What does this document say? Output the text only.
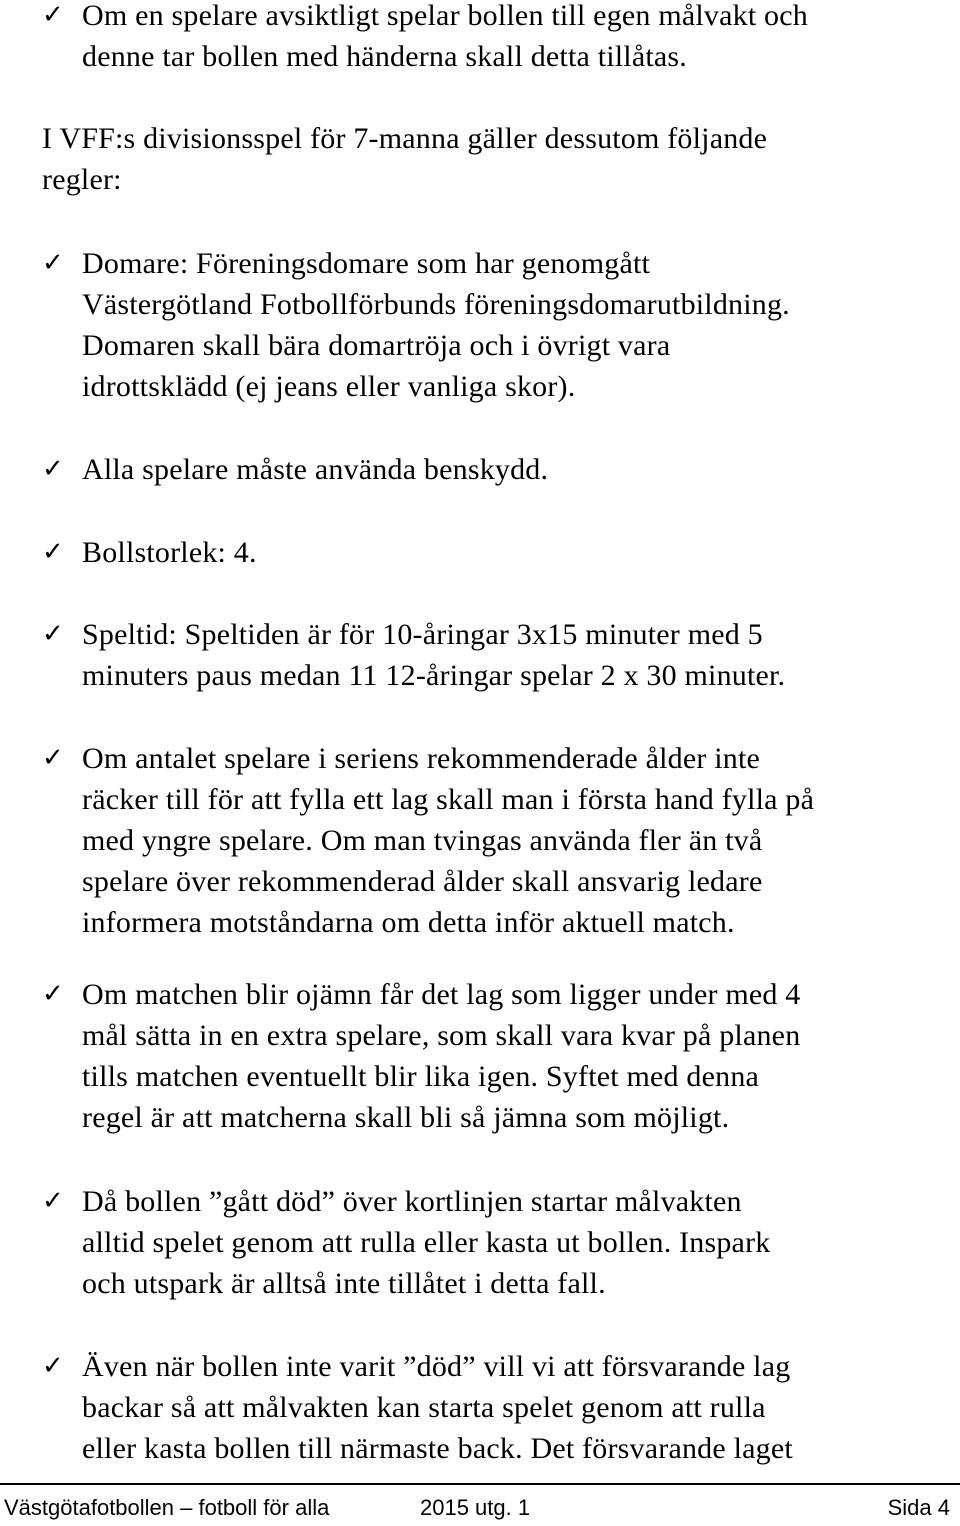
✓ Om en spelare avsiktligt spelar bollen till egen målvakt och
denne tar bollen med händerna skall detta tillåtas.
I VFF:s divisionsspel för 7-manna gäller dessutom följande
regler:
✓ Domare: Föreningsdomare som har genomgått
Västergötland Fotbollförbunds föreningsdomarutbildning.
Domaren skall bära domartröja och i övrigt vara
idrottsklädd (ej jeans eller vanliga skor).
✓ Alla spelare måste använda benskydd.
✓ Bollstorlek: 4.
✓ Speltid: Speltiden är för 10-åringar 3x15 minuter med 5
minuters paus medan 11 12-åringar spelar 2 x 30 minuter.
✓ Om antalet spelare i seriens rekommenderade ålder inte
räcker till för att fylla ett lag skall man i första hand fylla på
med yngre spelare. Om man tvingas använda fler än två
spelare över rekommenderad ålder skall ansvarig ledare
informera motståndarna om detta inför aktuell match.
✓ Om matchen blir ojämn får det lag som ligger under med 4
mål sätta in en extra spelare, som skall vara kvar på planen
tills matchen eventuellt blir lika igen. Syftet med denna
regel är att matcherna skall bli så jämna som möjligt.
✓ Då bollen ”gått död” över kortlinjen startar målvakten
alltid spelet genom att rulla eller kasta ut bollen. Inspark
och utspark är alltså inte tillåtet i detta fall.
✓ Även när bollen inte varit ”död” vill vi att försvarande lag
backar så att målvakten kan starta spelet genom att rulla
eller kasta bollen till närmaste back. Det försvarande laget
Västgötafotbollen – fotboll för alla	2015 utg. 1	Sida 4
